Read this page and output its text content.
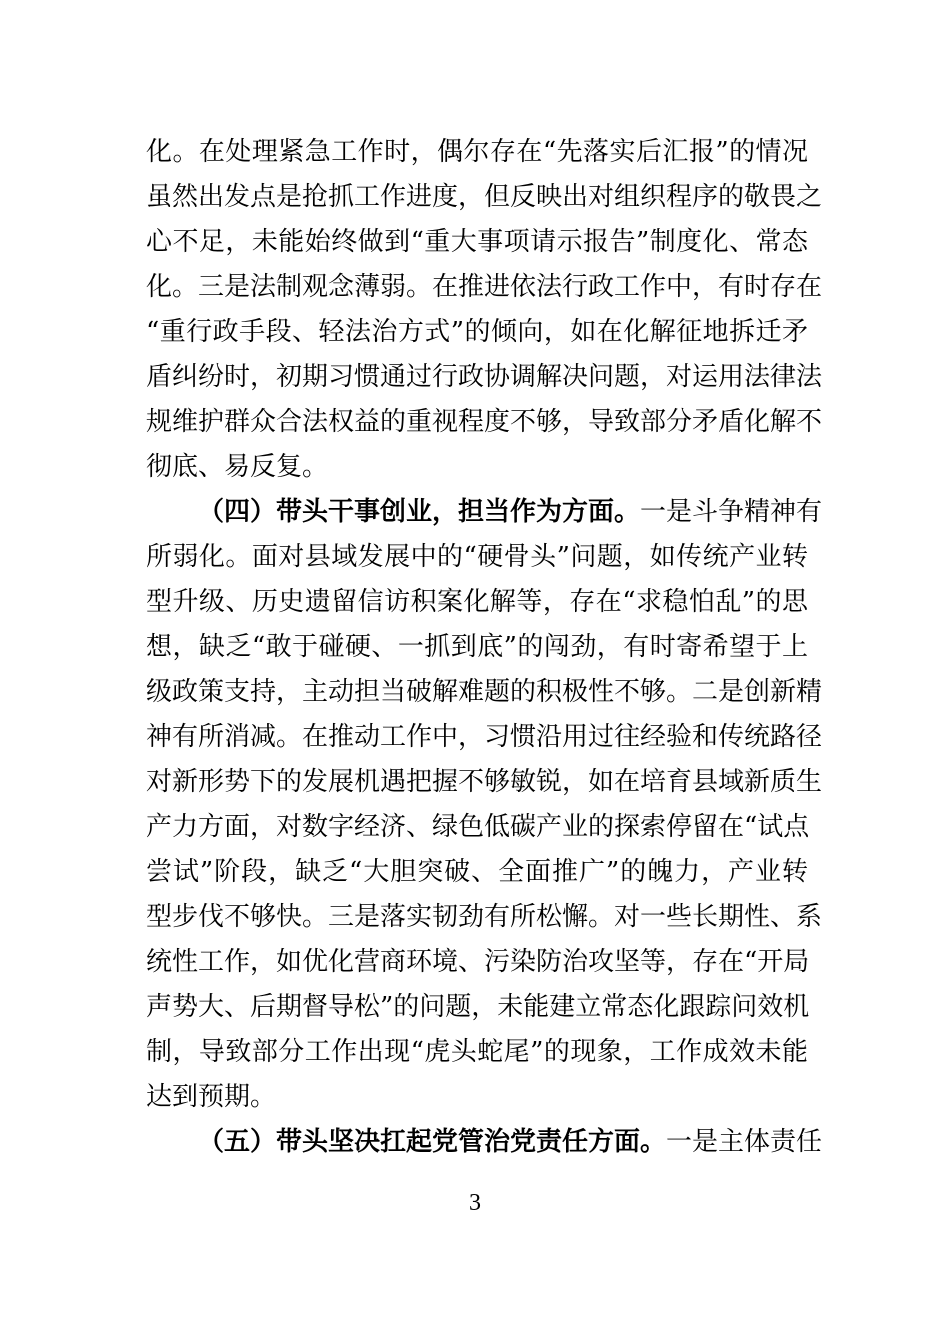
化。在处理紧急工作时，偶尔存在“先落实后汇报”的情况
虽然出发点是抢抓工作进度，但反映出对组织程序的敬畏之
心不足，未能始终做到“重大事项请示报告”制度化、常态
化。三是法制观念薄弱。在推进依法行政工作中，有时存在
“重行政手段、轻法治方式”的倾向，如在化解征地拆迁矛
盾纠纷时，初期习惯通过行政协调解决问题，对运用法律法
规维护群众合法权益的重视程度不够，导致部分矛盾化解不
彻底、易反复。
（四）带头干事创业，担当作为方面。一是斗争精神有
所弱化。面对县域发展中的“硬骨头”问题，如传统产业转
型升级、历史遗留信访积案化解等，存在“求稳怕乱”的思
想，缺乏“敢于碰硬、一抓到底”的闯劲，有时寄希望于上
级政策支持，主动担当破解难题的积极性不够。二是创新精
神有所消减。在推动工作中，习惯沿用过往经验和传统路径
对新形势下的发展机遇把握不够敏锐，如在培育县域新质生
产力方面，对数字经济、绿色低碳产业的探索停留在“试点
尝试”阶段，缺乏“大胆突破、全面推广”的魄力，产业转
型步伐不够快。三是落实韧劲有所松懈。对一些长期性、系
统性工作，如优化营商环境、污染防治攻坚等，存在“开局
声势大、后期督导松”的问题，未能建立常态化跟踪问效机
制，导致部分工作出现“虎头蛇尾”的现象，工作成效未能
达到预期。
（五）带头坚决扛起党管治党责任方面。一是主体责任
3
